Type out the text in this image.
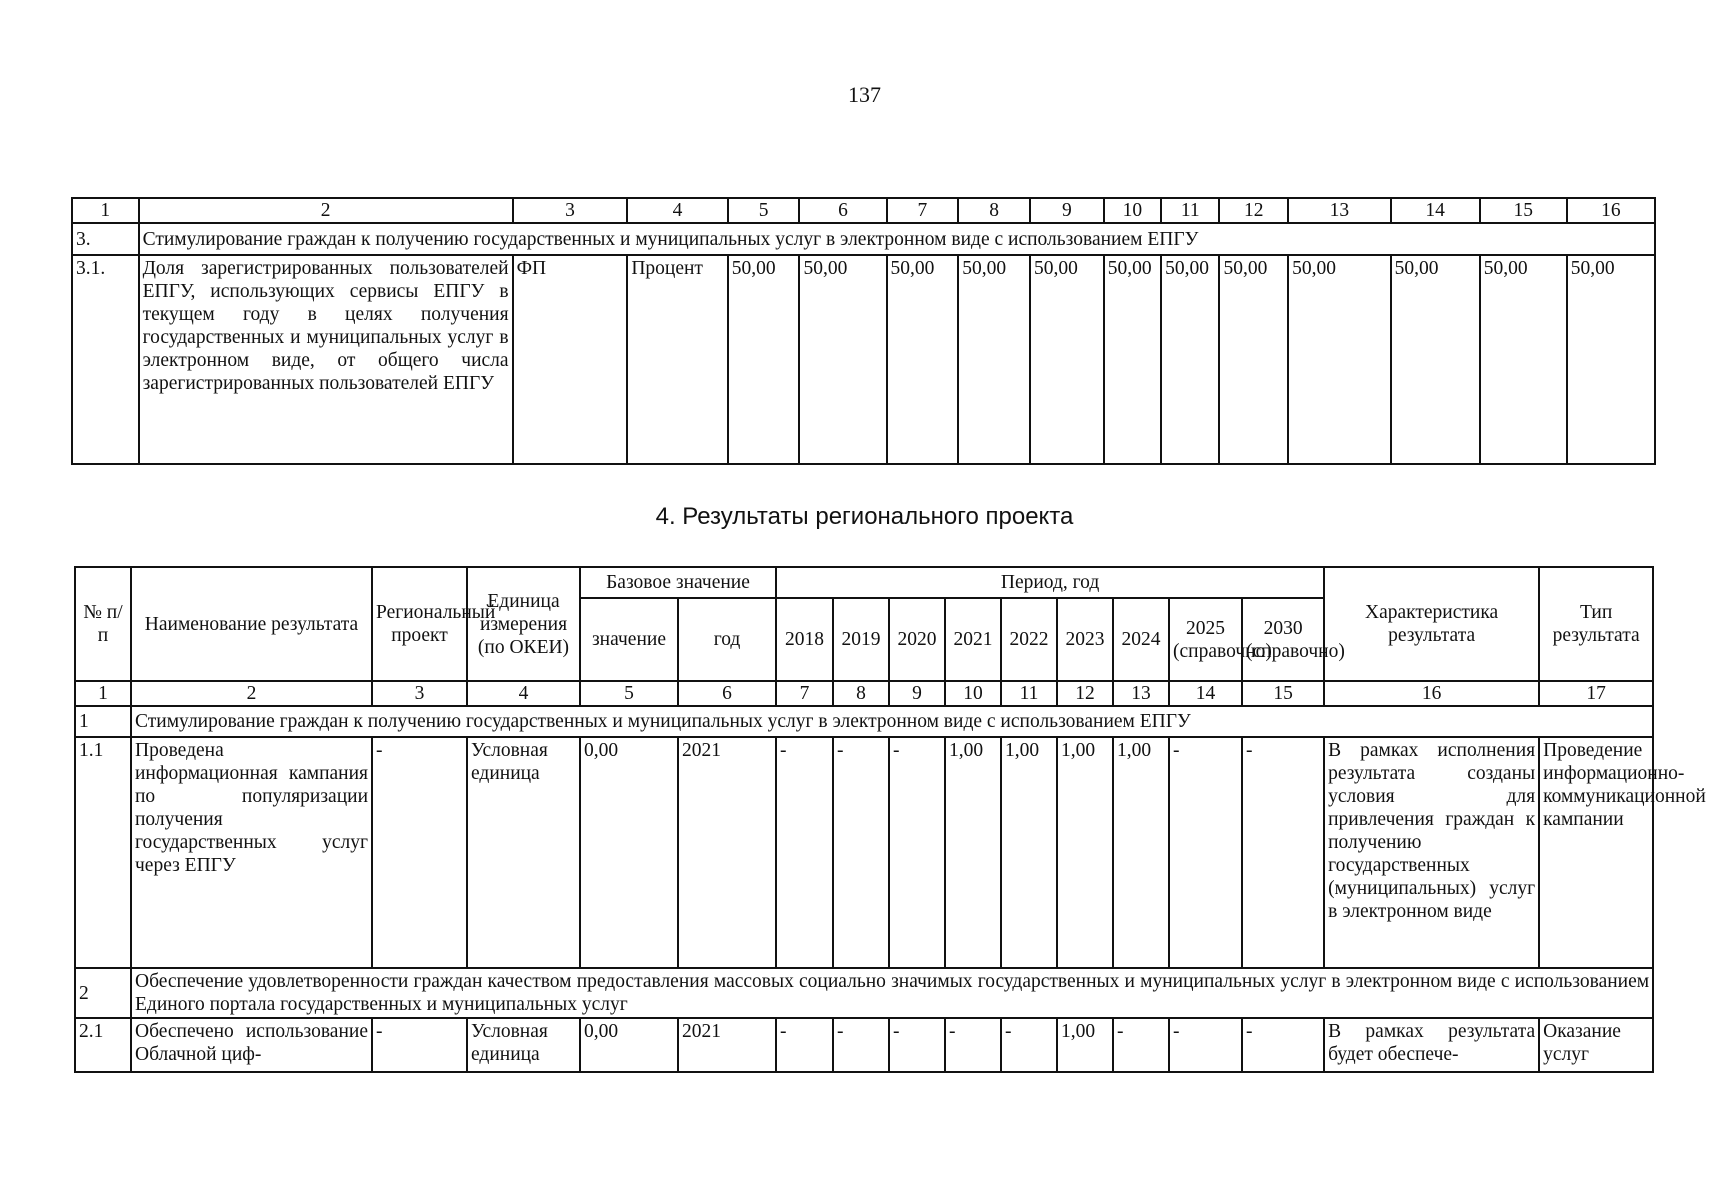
137
1	2	3	4	5	6	7	8	9	10	11	12	13	14	15	16
3.	Стимулирование граждан к получению государственных и муниципальных услуг в электронном виде с использованием ЕПГУ														
3.1.	Доля зарегистрированных пользователей ЕПГУ, использующих сервисы ЕПГУ в текущем году в целях получения государственных и муниципальных услуг в электронном виде, от общего числа зарегистрированных пользователей ЕПГУ	ФП	Процент	50,00	50,00	50,00	50,00	50,00	50,00	50,00	50,00	50,00	50,00	50,00	50,00
4. Результаты регионального проекта
№ п/п	Наименование результата	Региональный проект	Единица измерения (по ОКЕИ)	Базовое значение		Период, год									Характеристика результата	Тип результата
				значение	год	2018	2019	2020	2021	2022	2023	2024	2025 (справочно)	2030 (справочно)		
1	2	3	4	5	6	7	8	9	10	11	12	13	14	15	16	17
1	Стимулирование граждан к получению государственных и муниципальных услуг в электронном виде с использованием ЕПГУ															
1.1	Проведена информационная кампания по популяризации получения государственных услуг через ЕПГУ	-	Условная единица	0,00	2021	-	-	-	1,00	1,00	1,00	1,00	-	-	В рамках исполнения результата созданы условия для привлечения граждан к получению государственных (муниципальных) услуг в электронном виде	Проведение информационно-коммуникационной кампании
2	Обеспечение удовлетворенности граждан качеством предоставления массовых социально значимых государственных и муниципальных услуг в электронном виде с использованием Единого портала государственных и муниципальных услуг															
2.1	Обеспечено использование Облачной циф-	-	Условная единица	0,00	2021	-	-	-	-	-	1,00	-	-	-	В рамках результата будет обеспече-	Оказание услуг
